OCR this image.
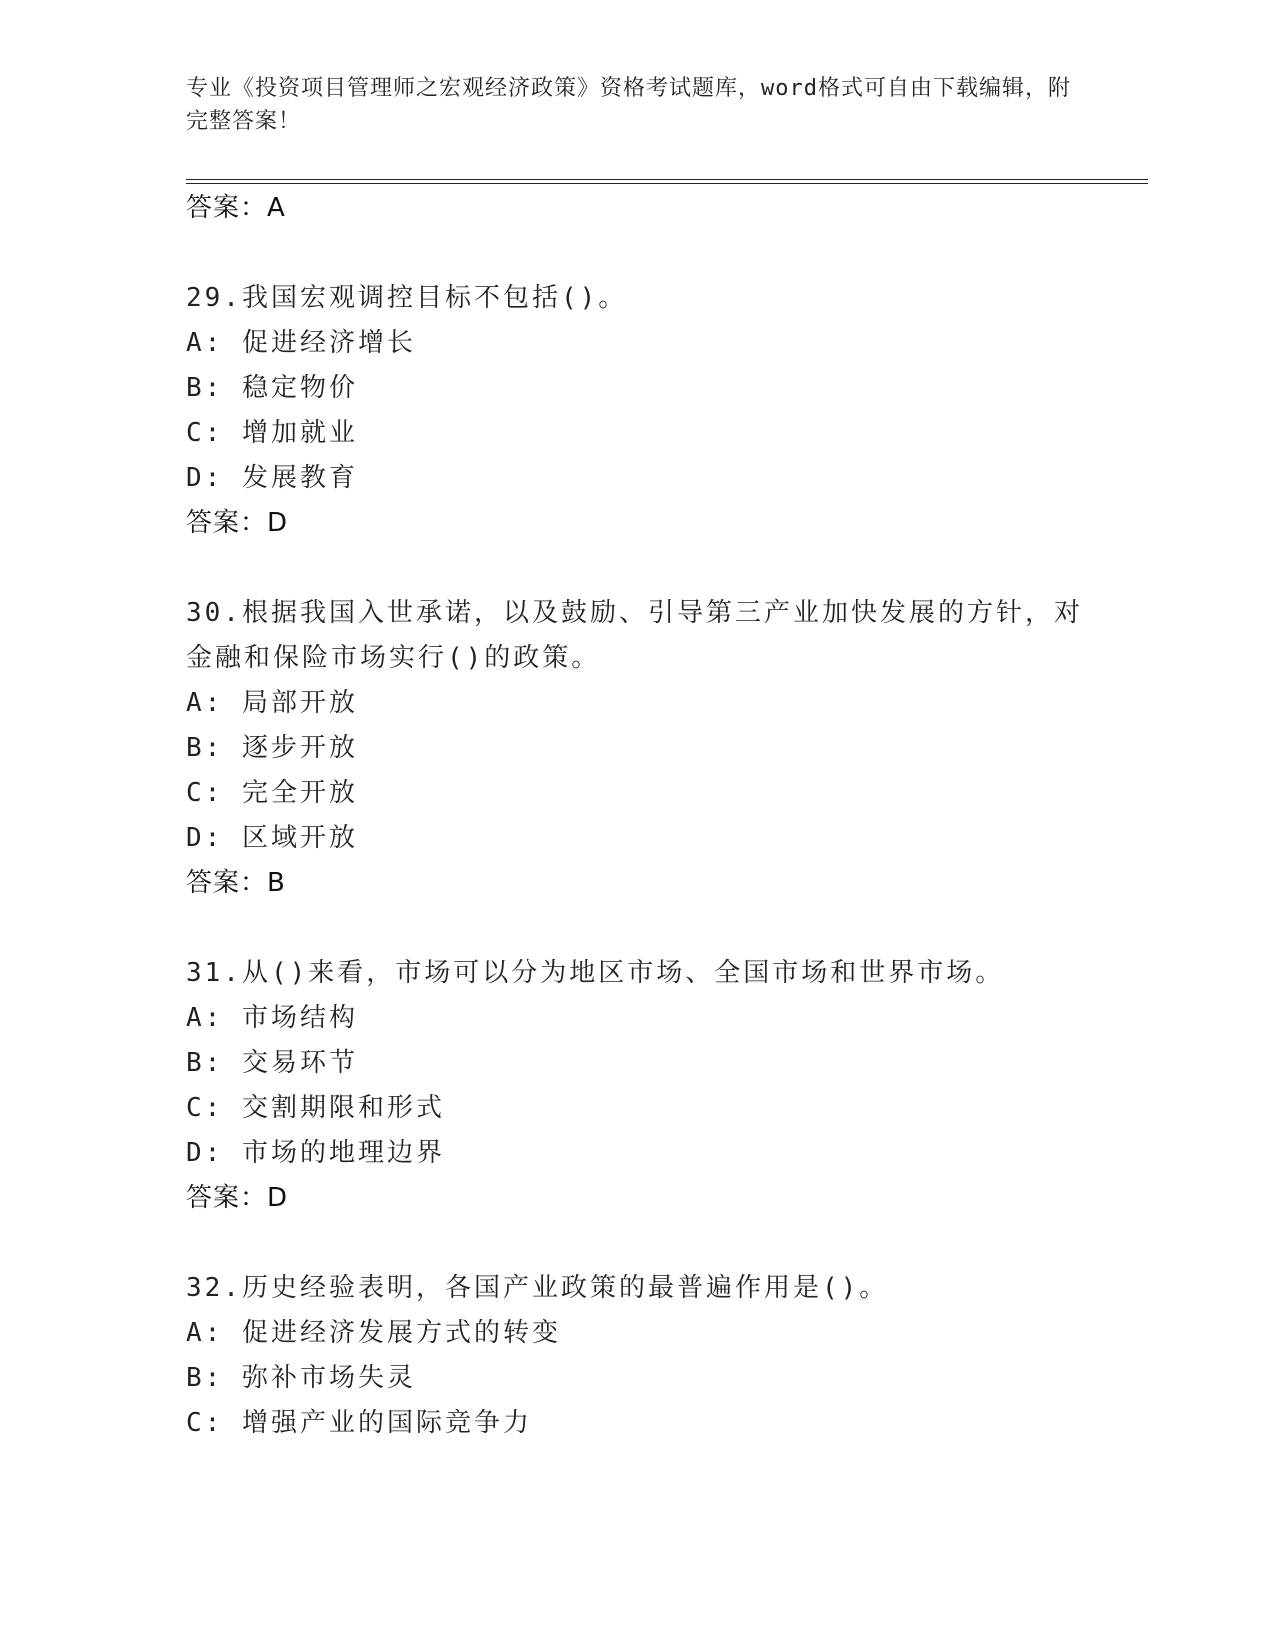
专业《投资项目管理师之宏观经济政策》资格考试题库，word格式可自由下载编辑，附完整答案！
答案：A
29.我国宏观调控目标不包括()。
A: 促进经济增长
B: 稳定物价
C: 增加就业
D: 发展教育
答案：D
30.根据我国入世承诺，以及鼓励、引导第三产业加快发展的方针，对
金融和保险市场实行()的政策。
A: 局部开放
B: 逐步开放
C: 完全开放
D: 区域开放
答案：B
31.从()来看，市场可以分为地区市场、全国市场和世界市场。
A: 市场结构
B: 交易环节
C: 交割期限和形式
D: 市场的地理边界
答案：D
32.历史经验表明，各国产业政策的最普遍作用是()。
A: 促进经济发展方式的转变
B: 弥补市场失灵
C: 增强产业的国际竞争力
